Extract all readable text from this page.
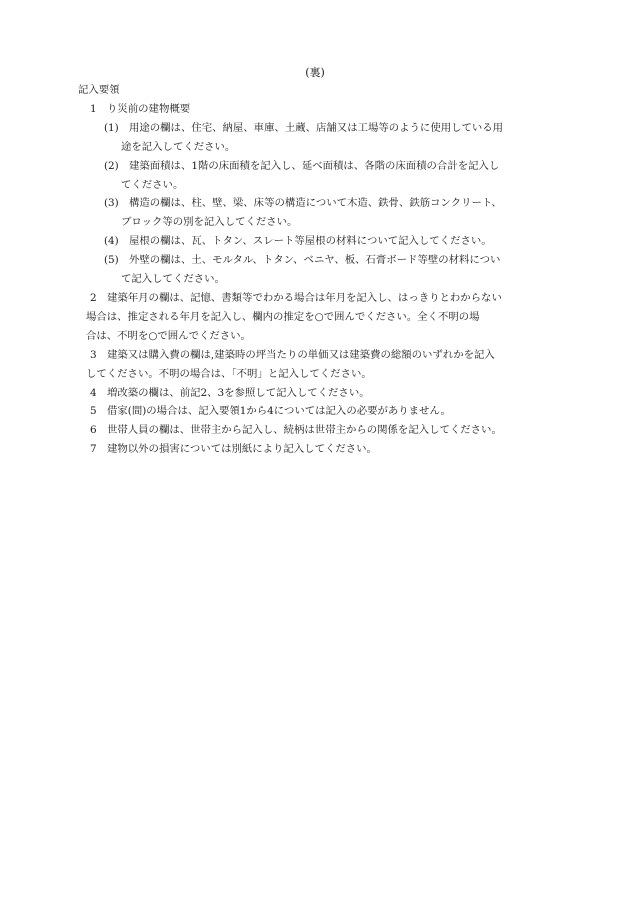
(裏)
記入要領
1 り災前の建物概要
(1) 用途の欄は、住宅、納屋、車庫、土蔵、店舗又は工場等のように使用している用
途を記入してください。
(2) 建築面積は、1階の床面積を記入し、延べ面積は、各階の床面積の合計を記入し
てください。
(3) 構造の欄は、柱、壁、梁、床等の構造について木造、鉄骨、鉄筋コンクリート、
ブロック等の別を記入してください。
(4) 屋根の欄は、瓦、トタン、スレート等屋根の材料について記入してください。
(5) 外壁の欄は、土、モルタル、トタン、ベニヤ、板、石膏ボード等壁の材料につい
て記入してください。
2 建築年月の欄は、記憶、書類等でわかる場合は年月を記入し、はっきりとわからない
場合は、推定される年月を記入し、欄内の推定を○で囲んでください。全く不明の場
合は、不明を○で囲んでください。
3 建築又は購入費の欄は,建築時の坪当たりの単価又は建築費の総額のいずれかを記入
してください。不明の場合は、「不明」と記入してください。
4 増改築の欄は、前記2、3を参照して記入してください。
5 借家(間)の場合は、記入要領1から4については記入の必要がありません。
6 世帯人員の欄は、世帯主から記入し、続柄は世帯主からの関係を記入してください。
7 建物以外の損害については別紙により記入してください。
